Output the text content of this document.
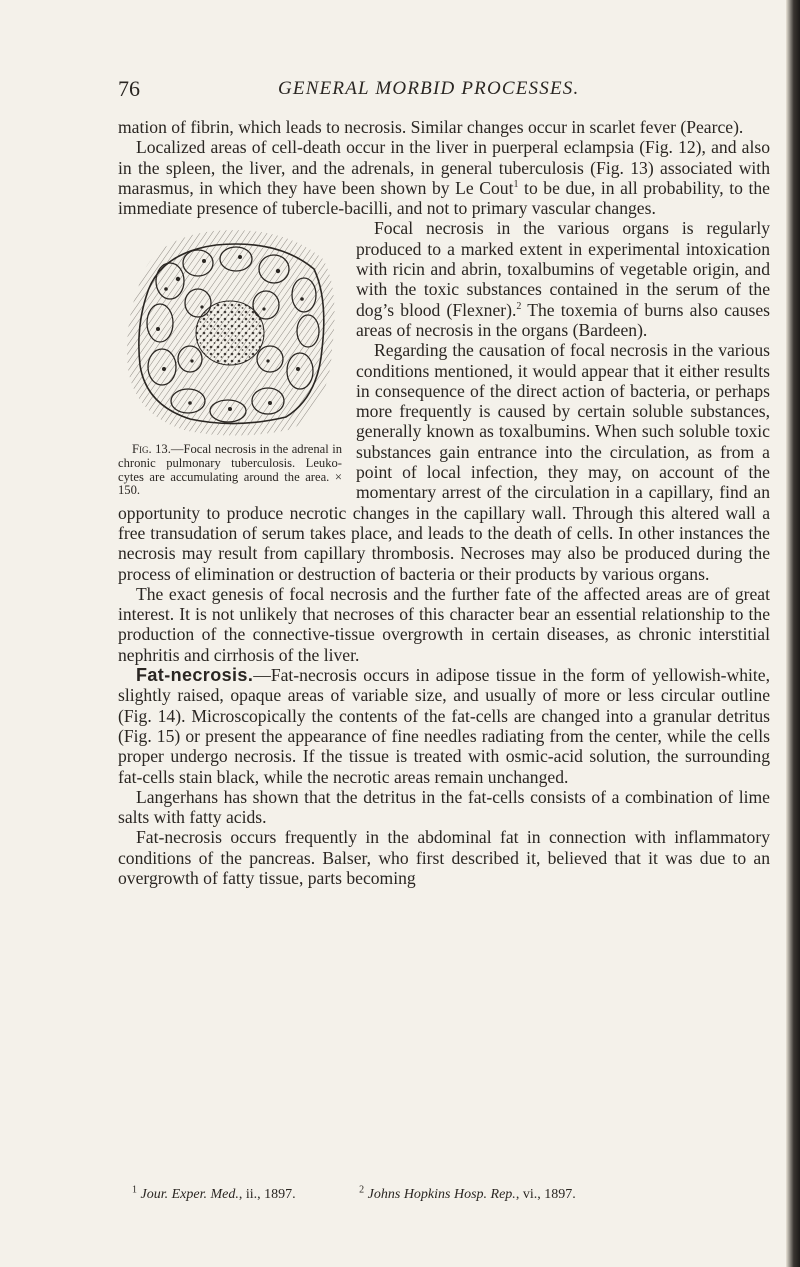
76	GENERAL MORBID PROCESSES.

mation of fibrin, which leads to necrosis. Similar changes occur in scarlet fever (Pearce).

Localized areas of cell-death occur in the liver in puerperal eclampsia (Fig. 12), and also in the spleen, the liver, and the adrenals, in general tuberculosis (Fig. 13) associated with marasmus, in which they have been shown by Le Cout$^1$ to be due, in all probability, to the immediate presence of tubercle-bacilli, and not to primary vascular changes.

Fig. 13.—Focal necrosis in the adrenal in chronic pulmonary tuberculosis. Leuko-cytes are accumulating around the area. × 150.

Focal necrosis in the various organs is regularly produced to a marked extent in experimental intoxication with ricin and abrin, toxalbumins of vegetable origin, and with the toxic substances contained in the serum of the dog’s blood (Flexner).$^2$ The toxemia of burns also causes areas of necrosis in the organs (Bardeen).

Regarding the causation of focal necrosis in the various conditions mentioned, it would appear that it either results in consequence of the direct action of bacteria, or perhaps more frequently is caused by certain soluble substances, generally known as toxalbumins. When such soluble toxic substances gain entrance into the circulation, as from a point of local infection, they may, on account of the momentary arrest of the circulation in a capillary, find an opportunity to produce necrotic changes in the capillary wall. Through this altered wall a free transudation of serum takes place, and leads to the death of cells. In other instances the necrosis may result from capillary thrombosis. Necroses may also be produced during the process of elimination or destruction of bacteria or their products by various organs.

The exact genesis of focal necrosis and the further fate of the affected areas are of great interest. It is not unlikely that necroses of this character bear an essential relationship to the production of the connective-tissue overgrowth in certain diseases, as chronic interstitial nephritis and cirrhosis of the liver.

Fat-necrosis.—Fat-necrosis occurs in adipose tissue in the form of yellowish-white, slightly raised, opaque areas of variable size, and usually of more or less circular outline (Fig. 14). Microscopically the contents of the fat-cells are changed into a granular detritus (Fig. 15) or present the appearance of fine needles radiating from the center, while the cells proper undergo necrosis. If the tissue is treated with osmic-acid solution, the surrounding fat-cells stain black, while the necrotic areas remain unchanged.

Langerhans has shown that the detritus in the fat-cells consists of a combination of lime salts with fatty acids.

Fat-necrosis occurs frequently in the abdominal fat in connection with inflammatory conditions of the pancreas. Balser, who first described it, believed that it was due to an overgrowth of fatty tissue, parts becoming

$^1$ Jour. Exper. Med., ii., 1897.	$^2$ Johns Hopkins Hosp. Rep., vi., 1897.
